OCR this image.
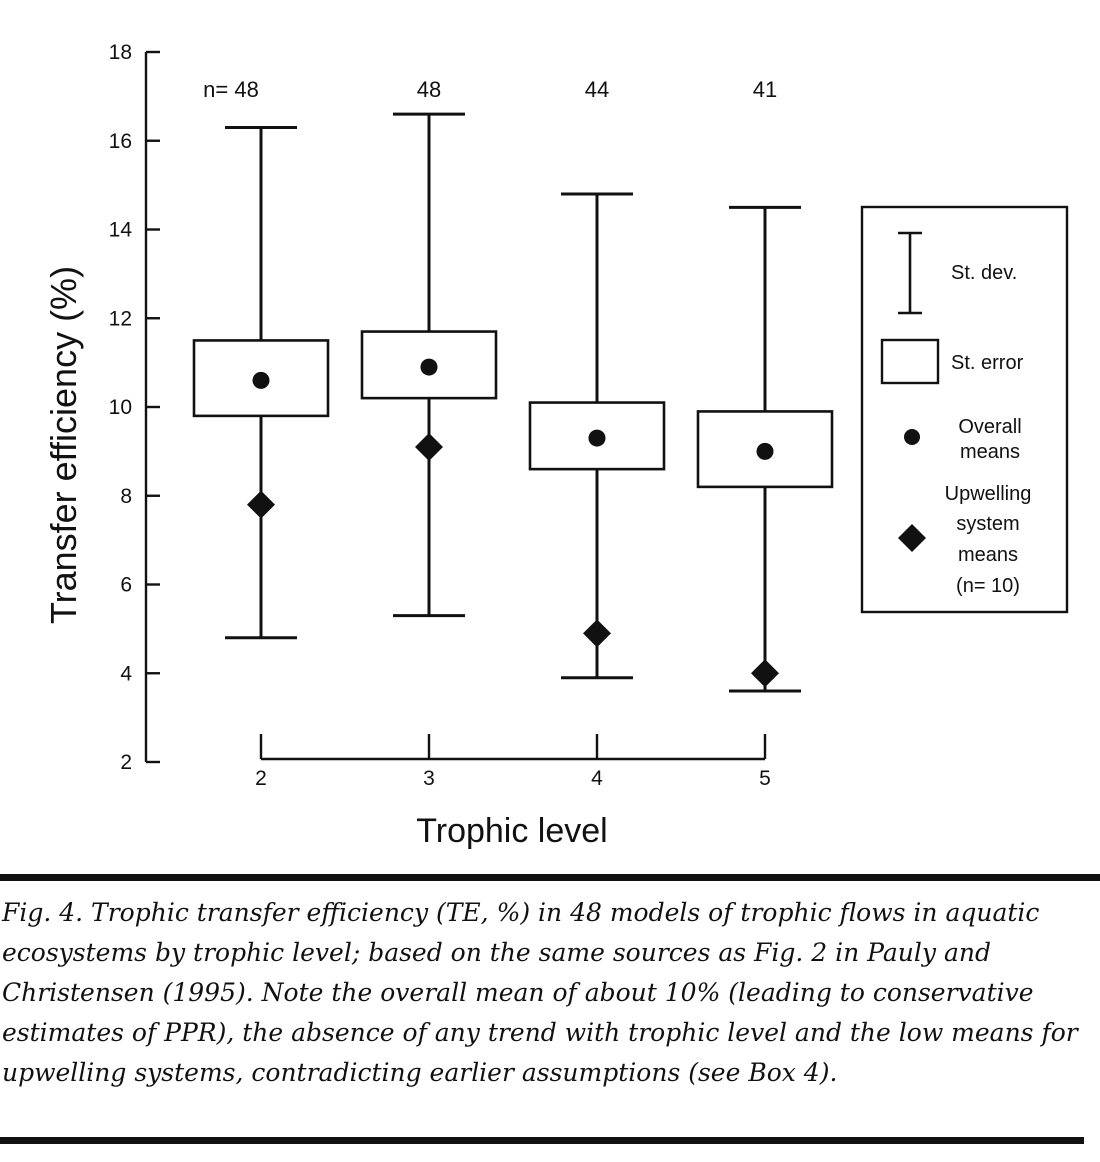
2
4
6
8
10
12
14
16
18
2	3	4	5
n= 48	48	44	41
Transfer efficiency (%)
Trophic level
St. dev.
St. error
Overall
means
Upwelling
system
means
(n= 10)

Fig. 4. Trophic transfer efficiency (TE, %) in 48 models of trophic flows in aquatic ecosystems by trophic level; based on the same sources as Fig. 2 in Pauly and Christensen (1995). Note the overall mean of about 10% (leading to conservative estimates of PPR), the absence of any trend with trophic level and the low means for upwelling systems, contradicting earlier assumptions (see Box 4).
